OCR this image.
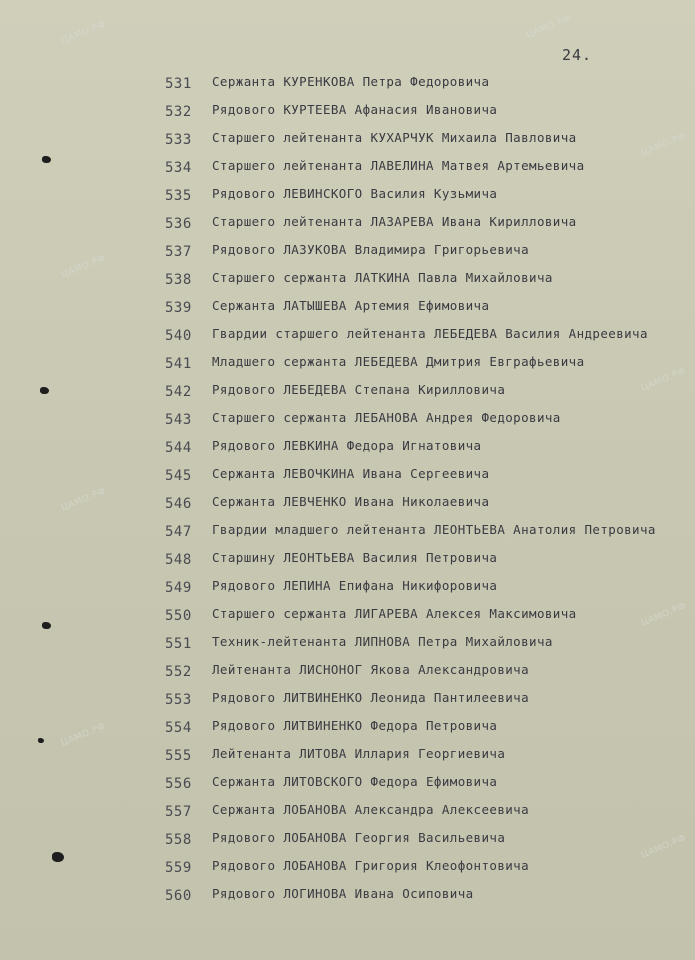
ЦАМО.РФ	ЦАМО.РФ
ЦАМО.РФ
ЦАМО.РФ
ЦАМО.РФ
ЦАМО.РФ
ЦАМО.РФ
ЦАМО.РФ
ЦАМО.РФ
24.
531 Сержанта КУРЕНКОВА Петра Федоровича
532 Рядового КУРТЕЕВА Афанасия Ивановича
533 Старшего лейтенанта КУХАРЧУК Михаила Павловича
534 Старшего лейтенанта ЛАВЕЛИНА Матвея Артемьевича
535 Рядового ЛЕВИНСКОГО Василия Кузьмича
536 Старшего лейтенанта ЛАЗАРЕВА Ивана Кирилловича
537 Рядового ЛАЗУКОВА Владимира Григорьевича
538 Старшего сержанта ЛАТКИНА Павла Михайловича
539 Сержанта ЛАТЫШЕВА Артемия Ефимовича
540 Гвардии старшего лейтенанта ЛЕБЕДЕВА Василия Андреевича
541 Младшего сержанта ЛЕБЕДЕВА Дмитрия Евграфьевича
542 Рядового ЛЕБЕДЕВА Степана Кирилловича
543 Старшего сержанта ЛЕБАНОВА Андрея Федоровича
544 Рядового ЛЕВКИНА Федора Игнатовича
545 Сержанта ЛЕВОЧКИНА Ивана Сергеевича
546 Сержанта ЛЕВЧЕНКО Ивана Николаевича
547 Гвардии младшего лейтенанта ЛЕОНТЬЕВА Анатолия Петровича
548 Старшину ЛЕОНТЬЕВА Василия Петровича
549 Рядового ЛЕПИНА Епифана Никифоровича
550 Старшего сержанта ЛИГАРЕВА Алексея Максимовича
551 Техник-лейтенанта ЛИПНОВА Петра Михайловича
552 Лейтенанта ЛИСНОНОГ Якова Александровича
553 Рядового ЛИТВИНЕНКО Леонида Пантилеевича
554 Рядового ЛИТВИНЕНКО Федора Петровича
555 Лейтенанта ЛИТОВА Иллария Георгиевича
556 Сержанта ЛИТОВСКОГО Федора Ефимовича
557 Сержанта ЛОБАНОВА Александра Алексеевича
558 Рядового ЛОБАНОВА Георгия Васильевича
559 Рядового ЛОБАНОВА Григория Клеофонтовича
560 Рядового ЛОГИНОВА Ивана Осиповича
